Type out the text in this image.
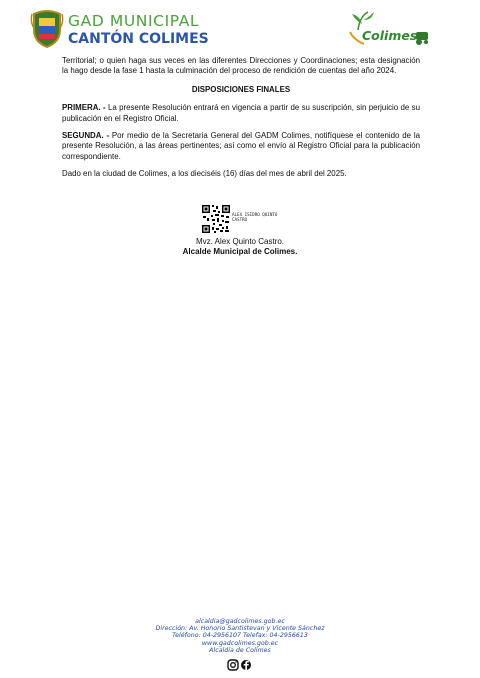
GAD MUNICIPAL
CANTÓN COLIMES	Colimes

Territorial; o quien haga sus veces en las diferentes Direcciones y Coordinaciones; esta designación la hago desde la fase 1 hasta la culminación del proceso de rendición de cuentas del año 2024.

DISPOSICIONES FINALES

PRIMERA. - La presente Resolución entrará en vigencia a partir de su suscripción, sin perjuicio de su publicación en el Registro Oficial.

SEGUNDA. - Por medio de la Secretaria General del GADM Colimes, notifíquese el contenido de la presente Resolución, a las áreas pertinentes; así como el envío al Registro Oficial para la publicación correspondiente.

Dado en la ciudad de Colimes, a los dieciséis (16) días del mes de abril del 2025.

ALEX ISIDRO QUINTO CASTRO
Mvz. Alex Quinto Castro.
Alcalde Municipal de Colimes.
alcaldia@gadcolimes.gob.ec
Dirección: Av. Honorio Santistevan y Vicente Sánchez
Teléfono: 04-2956107 Telefax: 04-2956613
www.gadcolimes.gob.ec
Alcaldía de Colimes
